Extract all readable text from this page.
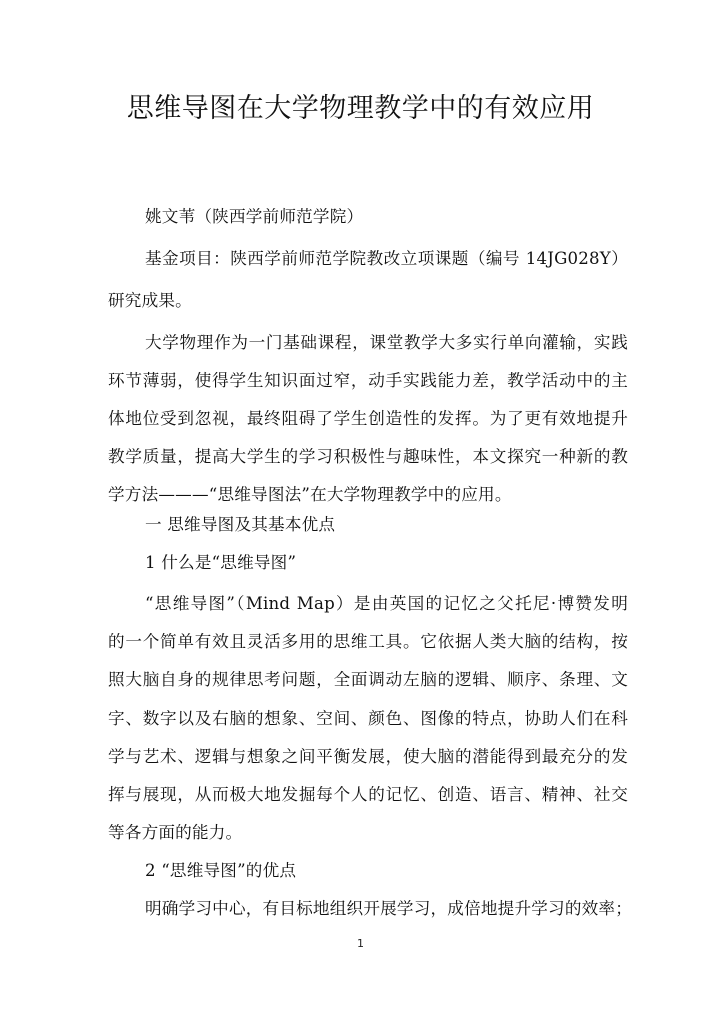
思维导图在大学物理教学中的有效应用
姚文苇（陕西学前师范学院）
基金项目：陕西学前师范学院教改立项课题（编号 14JG028Y）
研究成果。
大学物理作为一门基础课程，课堂教学大多实行单向灌输，实践
环节薄弱，使得学生知识面过窄，动手实践能力差，教学活动中的主
体地位受到忽视，最终阻碍了学生创造性的发挥。为了更有效地提升
教学质量，提高大学生的学习积极性与趣味性，本文探究一种新的教
学方法———“思维导图法”在大学物理教学中的应用。
一 思维导图及其基本优点
1 什么是“思维导图”
“思维导图”（Mind Map）是由英国的记忆之父托尼·博赞发明
的一个简单有效且灵活多用的思维工具。它依据人类大脑的结构，按
照大脑自身的规律思考问题，全面调动左脑的逻辑、顺序、条理、文
字、数字以及右脑的想象、空间、颜色、图像的特点，协助人们在科
学与艺术、逻辑与想象之间平衡发展，使大脑的潜能得到最充分的发
挥与展现，从而极大地发掘每个人的记忆、创造、语言、精神、社交
等各方面的能力。
2 “思维导图”的优点
明确学习中心，有目标地组织开展学习，成倍地提升学习的效率；
1
